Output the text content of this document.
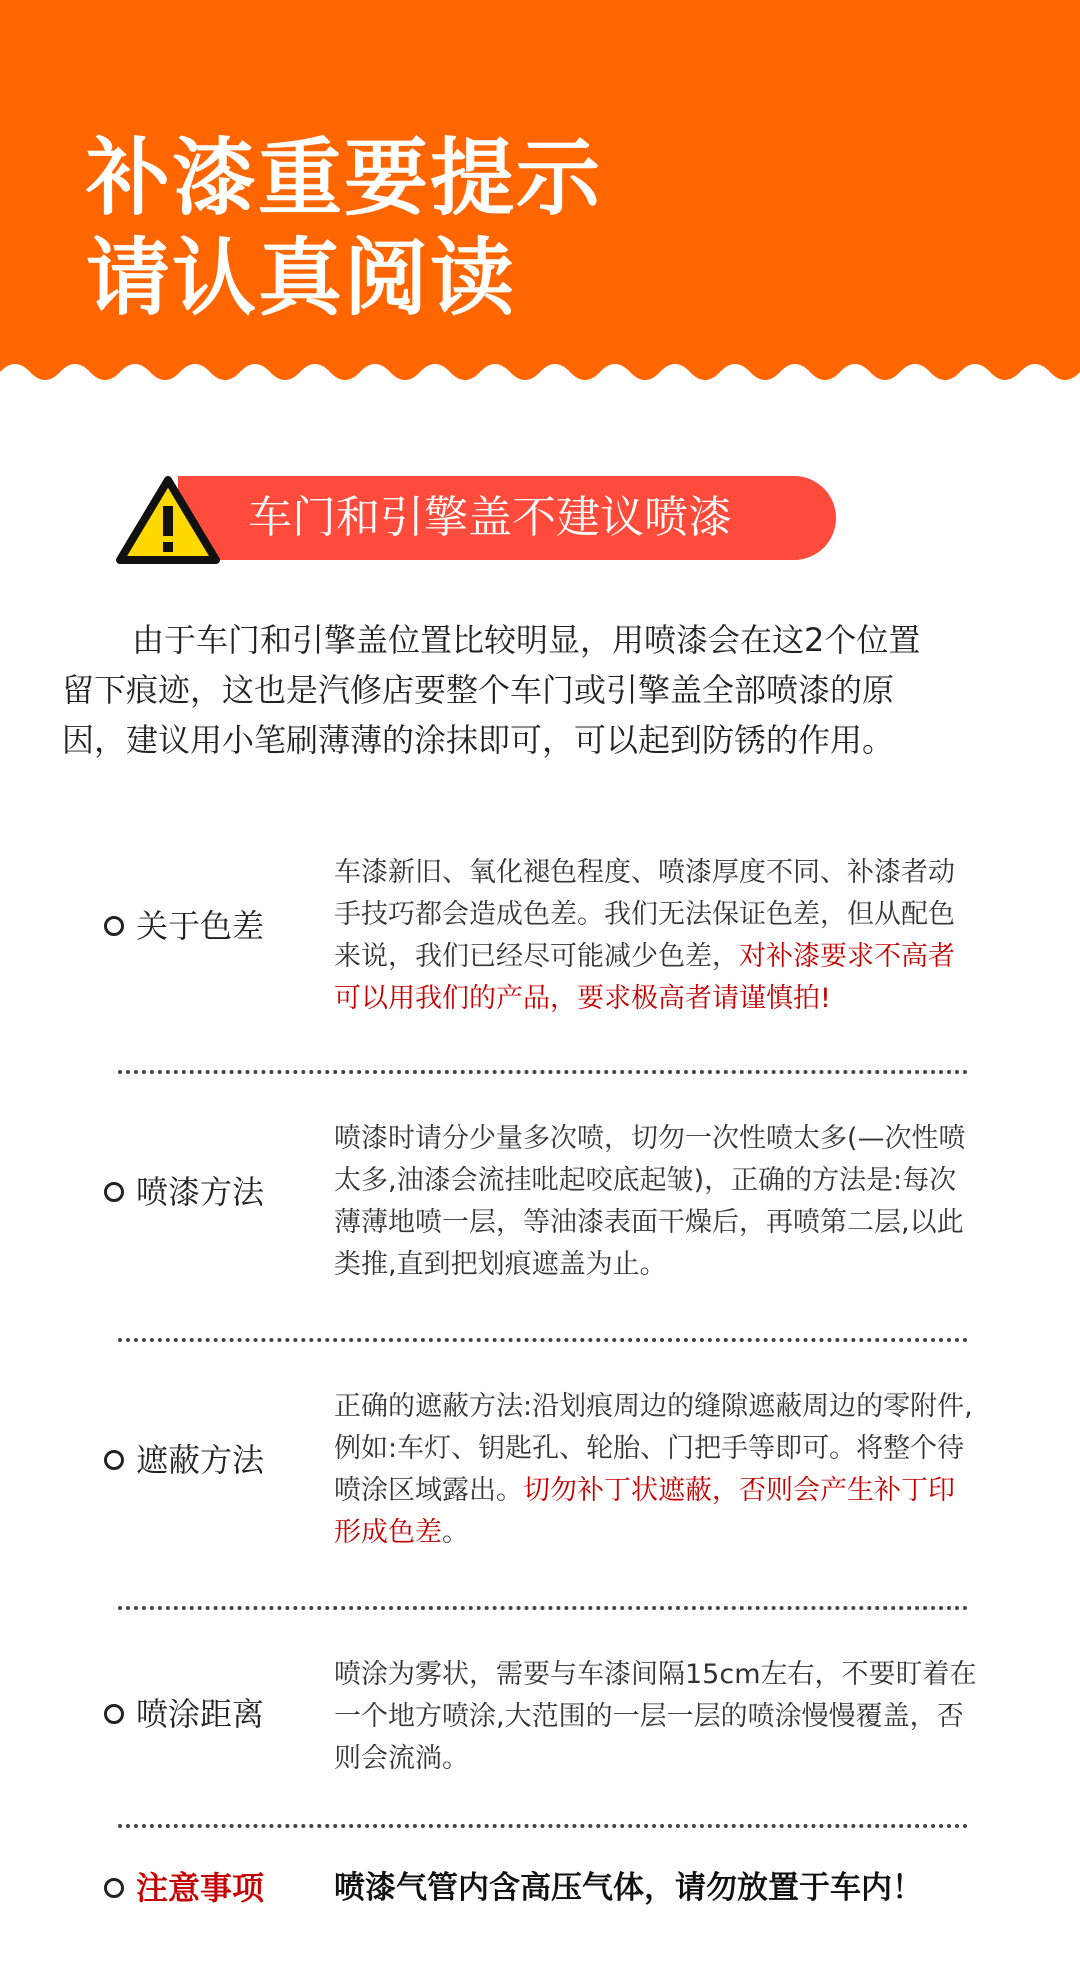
补漆重要提示
请认真阅读
车门和引擎盖不建议喷漆
由于车门和引擎盖位置比较明显，用喷漆会在这2个位置
留下痕迹，这也是汽修店要整个车门或引擎盖全部喷漆的原
因，建议用小笔刷薄薄的涂抹即可，可以起到防锈的作用。
关于色差
车漆新旧、氧化褪色程度、喷漆厚度不同、补漆者动
手技巧都会造成色差。我们无法保证色差，但从配色
来说，我们已经尽可能减少色差，对补漆要求不高者
可以用我们的产品，要求极高者请谨慎拍!
喷漆方法
喷漆时请分少量多次喷，切勿一次性喷太多(—次性喷
太多,油漆会流挂吡起咬底起皱)，正确的方法是:每次
薄薄地喷一层，等油漆表面干燥后，再喷第二层,以此
类推,直到把划痕遮盖为止。
遮蔽方法
正确的遮蔽方法:沿划痕周边的缝隙遮蔽周边的零附件,
例如:车灯、钥匙孔、轮胎、门把手等即可。将整个待
喷涂区域露出。切勿补丁状遮蔽，否则会产生补丁印
形成色差。
喷涂距离
喷涂为雾状，需要与车漆间隔15cm左右，不要盯着在
一个地方喷涂,大范围的一层一层的喷涂慢慢覆盖，否
则会流淌。
注意事项 喷漆气管内含高压气体，请勿放置于车内！
